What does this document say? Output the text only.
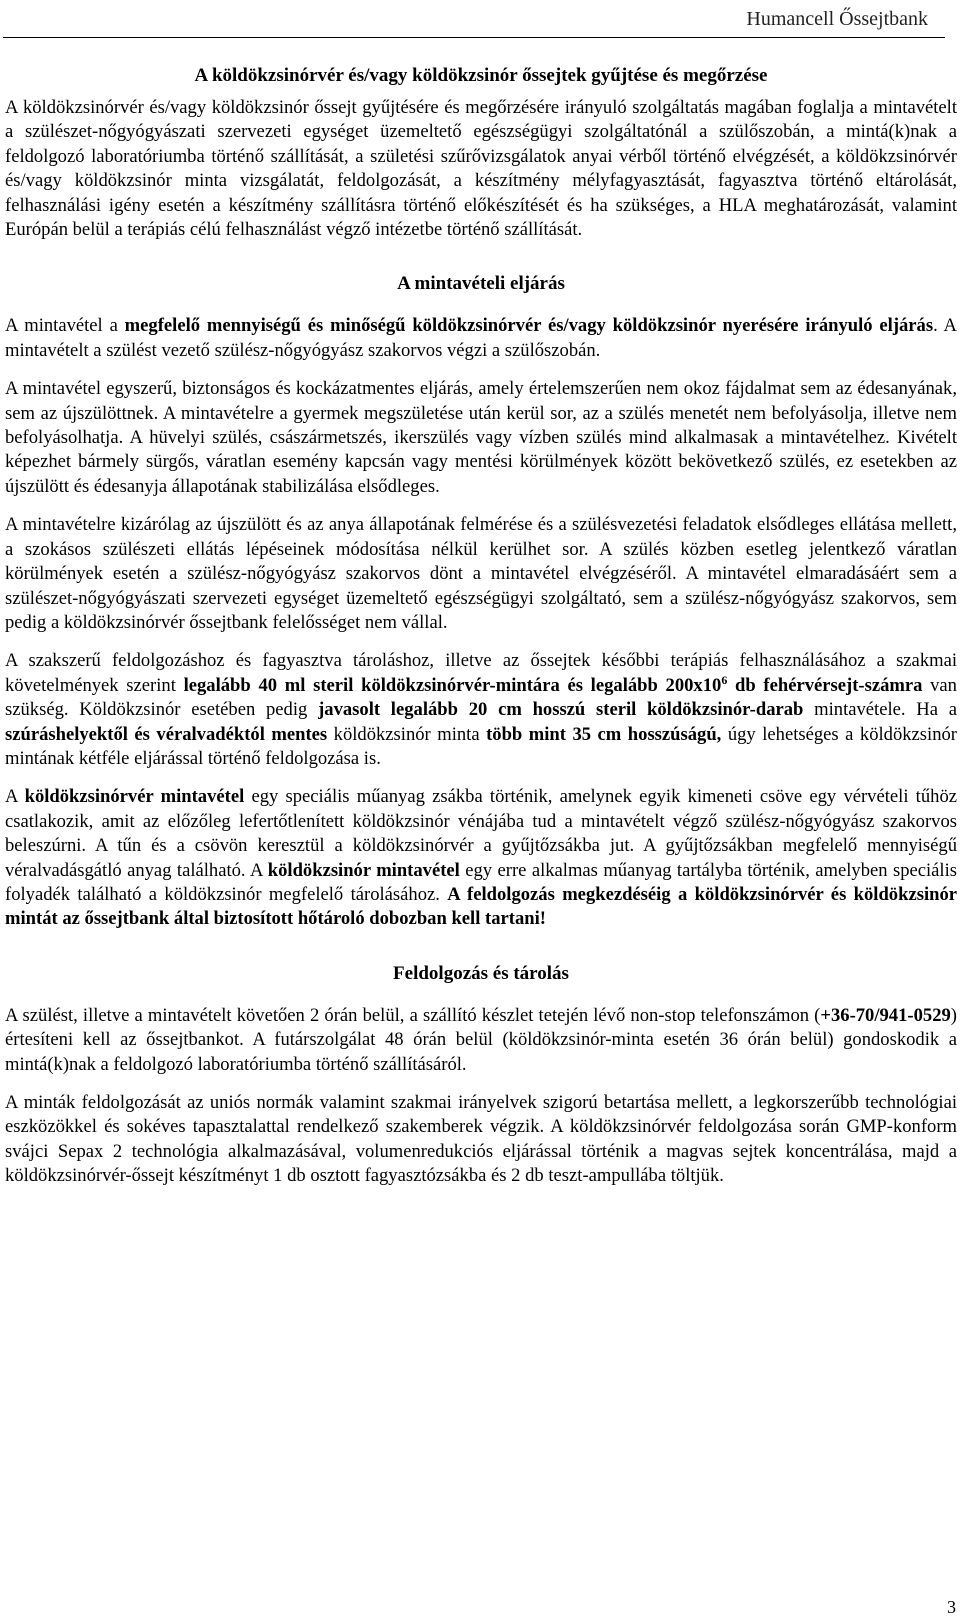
Humancell Őssejtbank
A köldökzsinórvér és/vagy köldökzsinór őssejtek gyűjtése és megőrzése

A köldökzsinórvér és/vagy köldökzsinór őssejt gyűjtésére és megőrzésére irányuló szolgáltatás magában foglalja a mintavételt a szülészet-nőgyógyászati szervezeti egységet üzemeltető egészségügyi szolgáltatónál a szülőszobán, a mintá(k)nak a feldolgozó laboratóriumba történő szállítását, a születési szűrővizsgálatok anyai vérből történő elvégzését, a köldökzsinórvér és/vagy köldökzsinór minta vizsgálatát, feldolgozását, a készítmény mélyfagyasztását, fagyasztva történő eltárolását, felhasználási igény esetén a készítmény szállításra történő előkészítését és ha szükséges, a HLA meghatározását, valamint Európán belül a terápiás célú felhasználást végző intézetbe történő szállítását.

A mintavételi eljárás

A mintavétel a megfelelő mennyiségű és minőségű köldökzsinórvér és/vagy köldökzsinór nyerésére irányuló eljárás. A mintavételt a szülést vezető szülész-nőgyógyász szakorvos végzi a szülőszobán.

A mintavétel egyszerű, biztonságos és kockázatmentes eljárás, amely értelemszerűen nem okoz fájdalmat sem az édesanyának, sem az újszülöttnek. A mintavételre a gyermek megszületése után kerül sor, az a szülés menetét nem befolyásolja, illetve nem befolyásolhatja. A hüvelyi szülés, császármetszés, ikerszülés vagy vízben szülés mind alkalmasak a mintavételhez. Kivételt képezhet bármely sürgős, váratlan esemény kapcsán vagy mentési körülmények között bekövetkező szülés, ez esetekben az újszülött és édesanyja állapotának stabilizálása elsődleges.

A mintavételre kizárólag az újszülött és az anya állapotának felmérése és a szülésvezetési feladatok elsődleges ellátása mellett, a szokásos szülészeti ellátás lépéseinek módosítása nélkül kerülhet sor. A szülés közben esetleg jelentkező váratlan körülmények esetén a szülész-nőgyógyász szakorvos dönt a mintavétel elvégzéséről. A mintavétel elmaradásáért sem a szülészet-nőgyógyászati szervezeti egységet üzemeltető egészségügyi szolgáltató, sem a szülész-nőgyógyász szakorvos, sem pedig a köldökzsinórvér őssejtbank felelősséget nem vállal.

A szakszerű feldolgozáshoz és fagyasztva tároláshoz, illetve az őssejtek későbbi terápiás felhasználásához a szakmai követelmények szerint legalább 40 ml steril köldökzsinórvér-mintára és legalább $200x10^6$ db fehérvérsejt-számra van szükség. Köldökzsinór esetében pedig javasolt legalább 20 cm hosszú steril köldökzsinór-darab mintavétele. Ha a szúráshelyektől és véralvadéktól mentes köldökzsinór minta több mint 35 cm hosszúságú, úgy lehetséges a köldökzsinór mintának kétféle eljárással történő feldolgozása is.

A köldökzsinórvér mintavétel egy speciális műanyag zsákba történik, amelynek egyik kimeneti csöve egy vérvételi tűhöz csatlakozik, amit az előzőleg lefertőtlenített köldökzsinór vénájába tud a mintavételt végző szülész-nőgyógyász szakorvos beleszúrni. A tűn és a csövön keresztül a köldökzsinórvér a gyűjtőzsákba jut. A gyűjtőzsákban megfelelő mennyiségű véralvadásgátló anyag található. A köldökzsinór mintavétel egy erre alkalmas műanyag tartályba történik, amelyben speciális folyadék található a köldökzsinór megfelelő tárolásához. A feldolgozás megkezdéséig a köldökzsinórvér és köldökzsinór mintát az őssejtbank által biztosított hőtároló dobozban kell tartani!

Feldolgozás és tárolás

A szülést, illetve a mintavételt követően 2 órán belül, a szállító készlet tetején lévő non-stop telefonszámon (+36-70/941-0529) értesíteni kell az őssejtbankot. A futárszolgálat 48 órán belül (köldökzsinór-minta esetén 36 órán belül) gondoskodik a mintá(k)nak a feldolgozó laboratóriumba történő szállításáról.

A minták feldolgozását az uniós normák valamint szakmai irányelvek szigorú betartása mellett, a legkorszerűbb technológiai eszközökkel és sokéves tapasztalattal rendelkező szakemberek végzik. A köldökzsinórvér feldolgozása során GMP-konform svájci Sepax 2 technológia alkalmazásával, volumenredukciós eljárással történik a magvas sejtek koncentrálása, majd a köldökzsinórvér-őssejt készítményt 1 db osztott fagyasztózsákba és 2 db teszt-ampullába töltjük.

3
